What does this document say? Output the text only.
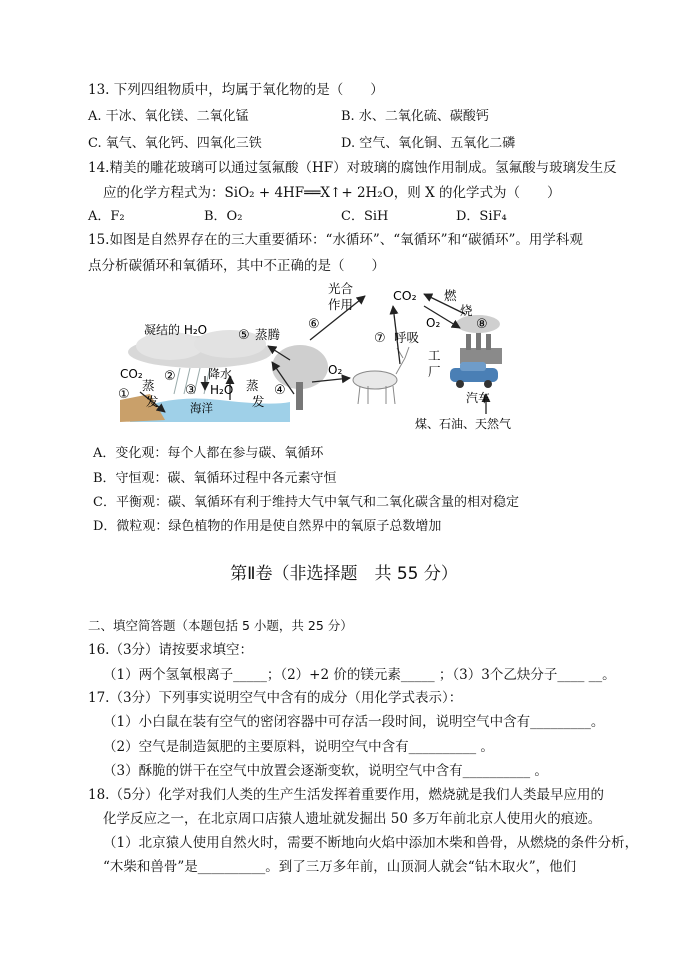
13. 下列四组物质中，均属于氧化物的是（　　）
A. 干冰、氧化镁、二氧化锰	B. 水、二氧化硫、碳酸钙
C. 氧气、氧化钙、四氧化三铁	D. 空气、氧化铜、五氧化二磷
14.精美的雕花玻璃可以通过氢氟酸（HF）对玻璃的腐蚀作用制成。氢氟酸与玻璃发生反
应的化学方程式为：SiO₂ + 4HF══X↑+ 2H₂O，则 X 的化学式为（　　）
A．F₂	B．O₂	C．SiH	D．SiF₄
15.如图是自然界存在的三大重要循环：“水循环”、“氧循环”和“碳循环”。用学科观
点分析碳循环和氧循环，其中不正确的是（　　）
光合
作用
CO₂ 燃
烧
O₂
⑥	⑧
凝结的 H₂O ⑤ 蒸腾	⑦ 呼吸
工
厂
CO₂
蒸
① 发
②	降水
③ H₂O
海洋
蒸 ④
发
O₂
汽车
煤、石油、天然气
A．变化观：每个人都在参与碳、氧循环
B．守恒观：碳、氧循环过程中各元素守恒
C．平衡观：碳、氧循环有利于维持大气中氧气和二氧化碳含量的相对稳定
D．微粒观：绿色植物的作用是使自然界中的氧原子总数增加
第Ⅱ卷（非选择题　共 55 分）
二、填空简答题（本题包括 5 小题，共 25 分）
16.（3分）请按要求填空：
（1）两个氢氧根离子_____；（2）+2 价的镁元素_____ ；（3）3个乙炔分子____ __。
17.（3分）下列事实说明空气中含有的成分（用化学式表示）：
（1）小白鼠在装有空气的密闭容器中可存活一段时间，说明空气中含有_________。
（2）空气是制造氮肥的主要原料，说明空气中含有__________ 。
（3）酥脆的饼干在空气中放置会逐渐变软，说明空气中含有__________ 。
18.（5分）化学对我们人类的生产生活发挥着重要作用，燃烧就是我们人类最早应用的
化学反应之一，在北京周口店猿人遗址就发掘出 50 多万年前北京人使用火的痕迹。
（1）北京猿人使用自然火时，需要不断地向火焰中添加木柴和兽骨，从燃烧的条件分析，
“木柴和兽骨”是__________。到了三万多年前，山顶洞人就会“钻木取火”，他们
